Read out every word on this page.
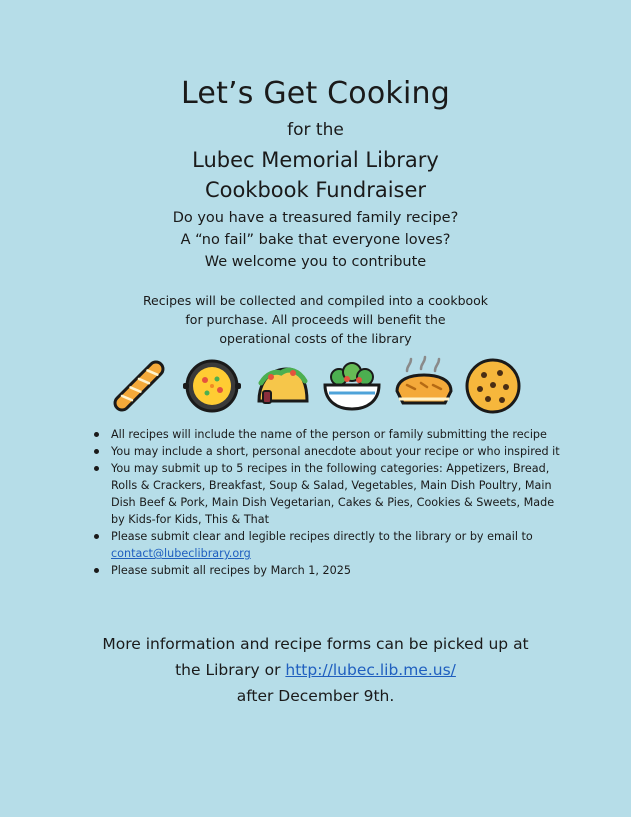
Let’s Get Cooking
for the
Lubec Memorial Library
Cookbook Fundraiser
Do you have a treasured family recipe?
A “no fail” bake that everyone loves?
We welcome you to contribute
Recipes will be collected and compiled into a cookbook
for purchase. All proceeds will benefit the
operational costs of the library
All recipes will include the name of the person or family submitting the recipe
You may include a short, personal anecdote about your recipe or who inspired it
You may submit up to 5 recipes in the following categories: Appetizers, Bread, Rolls & Crackers, Breakfast, Soup & Salad, Vegetables, Main Dish Poultry, Main Dish Beef & Pork, Main Dish Vegetarian, Cakes & Pies, Cookies & Sweets, Made by Kids-for Kids, This & That
Please submit clear and legible recipes directly to the library or by email to contact@lubeclibrary.org
Please submit all recipes by March 1, 2025
More information and recipe forms can be picked up at
the Library or http://lubec.lib.me.us/
after December 9th.
